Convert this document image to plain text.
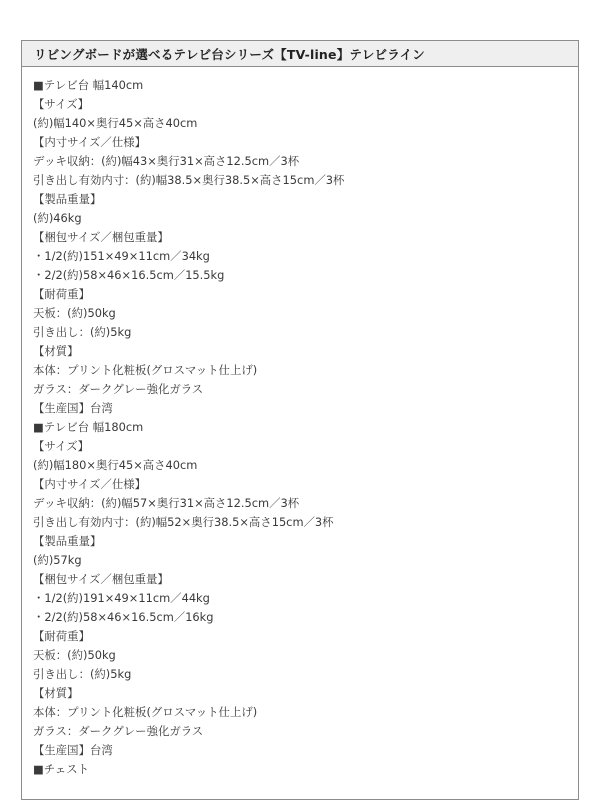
リビングボードが選べるテレビ台シリーズ【TV-line】テレビライン
■テレビ台 幅140cm
【サイズ】
(約)幅140×奥行45×高さ40cm
【内寸サイズ／仕様】
デッキ収納：(約)幅43×奥行31×高さ12.5cm／3杯
引き出し有効内寸：(約)幅38.5×奥行38.5×高さ15cm／3杯
【製品重量】
(約)46kg
【梱包サイズ／梱包重量】
・1/2(約)151×49×11cm／34kg
・2/2(約)58×46×16.5cm／15.5kg
【耐荷重】
天板：(約)50kg
引き出し：(約)5kg
【材質】
本体：プリント化粧板(グロスマット仕上げ)
ガラス：ダークグレー強化ガラス
【生産国】台湾
■テレビ台 幅180cm
【サイズ】
(約)幅180×奥行45×高さ40cm
【内寸サイズ／仕様】
デッキ収納：(約)幅57×奥行31×高さ12.5cm／3杯
引き出し有効内寸：(約)幅52×奥行38.5×高さ15cm／3杯
【製品重量】
(約)57kg
【梱包サイズ／梱包重量】
・1/2(約)191×49×11cm／44kg
・2/2(約)58×46×16.5cm／16kg
【耐荷重】
天板：(約)50kg
引き出し：(約)5kg
【材質】
本体：プリント化粧板(グロスマット仕上げ)
ガラス：ダークグレー強化ガラス
【生産国】台湾
■チェスト
